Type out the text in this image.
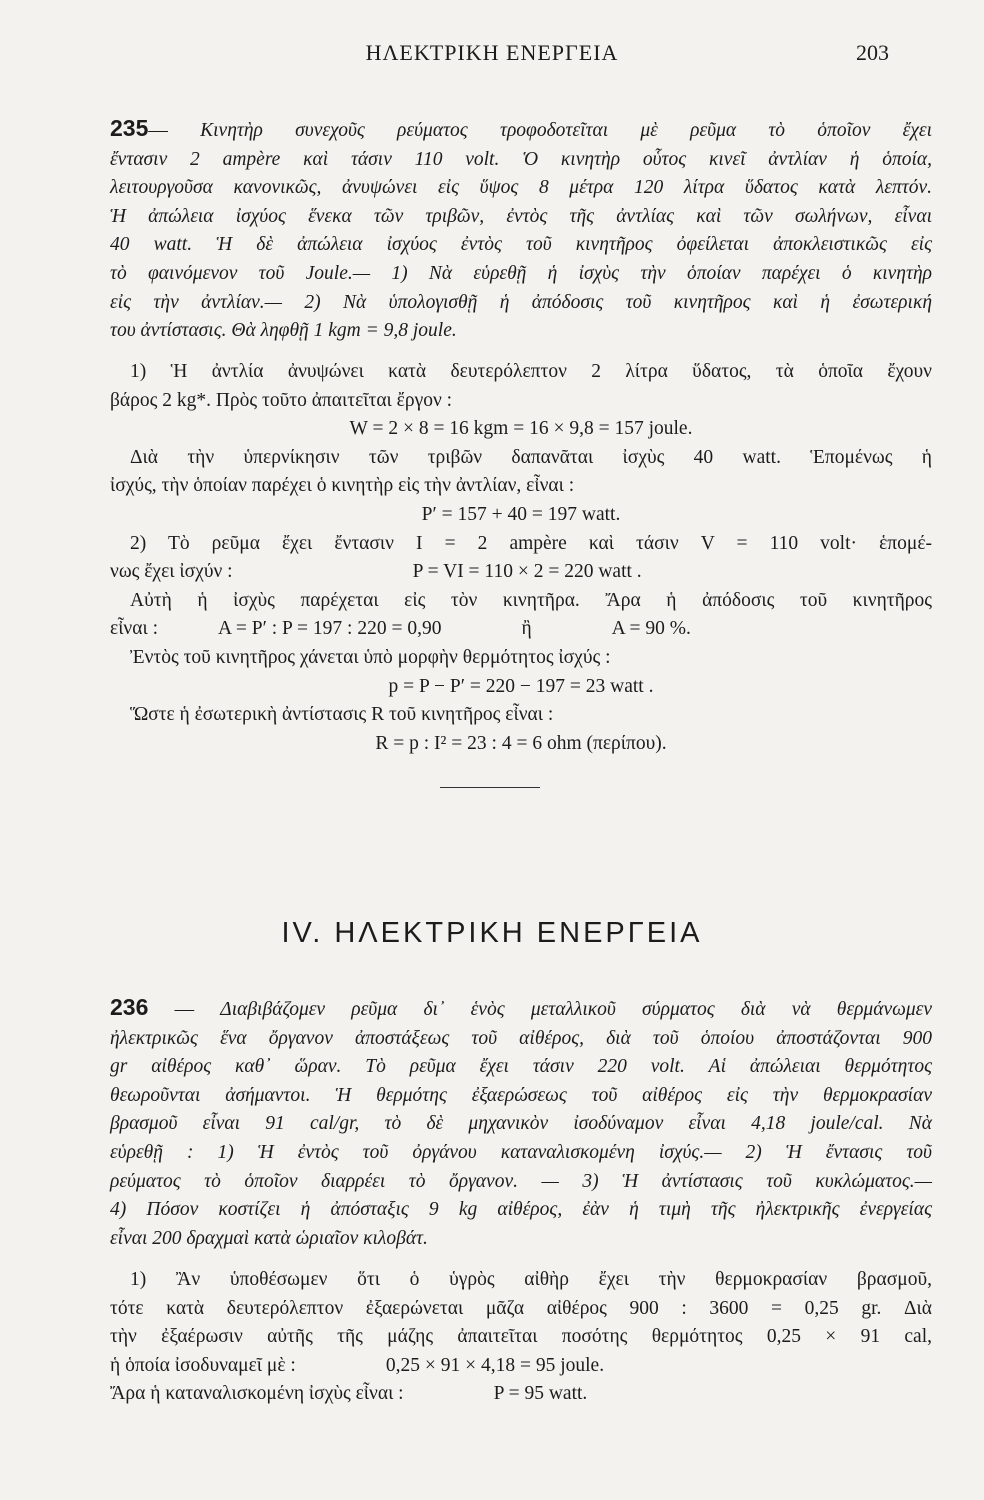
ΗΛΕΚΤΡΙΚΗ ΕΝΕΡΓΕΙΑ	203
235— Κινητὴρ συνεχοῦς ρεύματος τροφοδοτεῖται μὲ ρεῦμα τὸ ὁποῖον ἔχει
ἔντασιν 2 ampère καὶ τάσιν 110 volt. Ὁ κινητὴρ οὗτος κινεῖ ἀντλίαν ἡ ὁποία,
λειτουργοῦσα κανονικῶς, ἀνυψώνει εἰς ὕψος 8 μέτρα 120 λίτρα ὕδατος κατὰ λεπτόν.
Ἡ ἀπώλεια ἰσχύος ἕνεκα τῶν τριβῶν, ἐντὸς τῆς ἀντλίας καὶ τῶν σωλήνων, εἶναι
40 watt. Ἡ δὲ ἀπώλεια ἰσχύος ἐντὸς τοῦ κινητῆρος ὀφείλεται ἀποκλειστικῶς εἰς
τὸ φαινόμενον τοῦ Joule.— 1) Νὰ εὑρεθῇ ἡ ἰσχὺς τὴν ὁποίαν παρέχει ὁ κινητὴρ
εἰς τὴν ἀντλίαν.— 2) Νὰ ὑπολογισθῇ ἡ ἀπόδοσις τοῦ κινητῆρος καὶ ἡ ἐσωτερική
του ἀντίστασις. Θὰ ληφθῇ 1 kgm = 9,8 joule.
1) Ἡ ἀντλία ἀνυψώνει κατὰ δευτερόλεπτον 2 λίτρα ὕδατος, τὰ ὁποῖα ἔχουν
βάρος 2 kg*. Πρὸς τοῦτο ἀπαιτεῖται ἔργον :
W = 2 × 8 = 16 kgm = 16 × 9,8 = 157 joule.
Διὰ τὴν ὑπερνίκησιν τῶν τριβῶν δαπανᾶται ἰσχὺς 40 watt. Ἑπομένως ἡ
ἰσχύς, τὴν ὁποίαν παρέχει ὁ κινητὴρ εἰς τὴν ἀντλίαν, εἶναι :
P′ = 157 + 40 = 197 watt.
2) Τὸ ρεῦμα ἔχει ἔντασιν I = 2 ampère καὶ τάσιν V = 110 volt· ἑπομέ-
νως ἔχει ἰσχύν :	P = VI = 110 × 2 = 220 watt .
Αὐτὴ ἡ ἰσχὺς παρέχεται εἰς τὸν κινητῆρα. Ἄρα ἡ ἀπόδοσις τοῦ κινητῆρος
εἶναι :	A = P′ : P = 197 : 220 = 0,90	ἢ	A = 90 %.
Ἐντὸς τοῦ κινητῆρος χάνεται ὑπὸ μορφὴν θερμότητος ἰσχύς :
p = P − P′ = 220 − 197 = 23 watt .
Ὥστε ἡ ἐσωτερικὴ ἀντίστασις R τοῦ κινητῆρος εἶναι :
R = p : I² = 23 : 4 = 6 ohm (περίπου).
IV. ΗΛΕΚΤΡΙΚΗ ΕΝΕΡΓΕΙΑ
236 — Διαβιβάζομεν ρεῦμα δι᾽ ἑνὸς μεταλλικοῦ σύρματος διὰ νὰ θερμάνωμεν
ἠλεκτρικῶς ἕνα ὄργανον ἀποστάξεως τοῦ αἰθέρος, διὰ τοῦ ὁποίου ἀποστάζονται 900
gr αἰθέρος καθ᾽ ὥραν. Τὸ ρεῦμα ἔχει τάσιν 220 volt. Αἱ ἀπώλειαι θερμότητος
θεωροῦνται ἀσήμαντοι. Ἡ θερμότης ἐξαερώσεως τοῦ αἰθέρος εἰς τὴν θερμοκρασίαν
βρασμοῦ εἶναι 91 cal/gr, τὸ δὲ μηχανικὸν ἰσοδύναμον εἶναι 4,18 joule/cal. Νὰ
εὑρεθῇ : 1) Ἡ ἐντὸς τοῦ ὀργάνου καταναλισκομένη ἰσχύς.— 2) Ἡ ἔντασις τοῦ
ρεύματος τὸ ὁποῖον διαρρέει τὸ ὄργανον. — 3) Ἡ ἀντίστασις τοῦ κυκλώματος.—
4) Πόσον κοστίζει ἡ ἀπόσταξις 9 kg αἰθέρος, ἐὰν ἡ τιμὴ τῆς ἠλεκτρικῆς ἐνεργείας
εἶναι 200 δραχμαὶ κατὰ ὡριαῖον κιλοβάτ.
1) Ἂν ὑποθέσωμεν ὅτι ὁ ὑγρὸς αἰθὴρ ἔχει τὴν θερμοκρασίαν βρασμοῦ,
τότε κατὰ δευτερόλεπτον ἐξαερώνεται μᾶζα αἰθέρος 900 : 3600 = 0,25 gr. Διὰ
τὴν ἐξαέρωσιν αὐτῆς τῆς μάζης ἀπαιτεῖται ποσότης θερμότητος 0,25 × 91 cal,
ἡ ὁποία ἰσοδυναμεῖ μὲ :	0,25 × 91 × 4,18 = 95 joule.
Ἄρα ἡ καταναλισκομένη ἰσχὺς εἶναι :	P = 95 watt.
